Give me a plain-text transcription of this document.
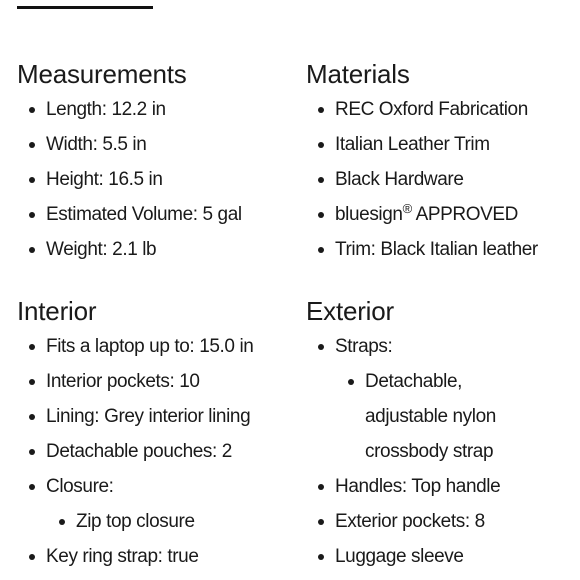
Measurements
Length: 12.2 in
Width: 5.5 in
Height: 16.5 in
Estimated Volume: 5 gal
Weight: 2.1 lb
Interior
Fits a laptop up to: 15.0 in
Interior pockets: 10
Lining: Grey interior lining
Detachable pouches: 2
Closure:
Zip top closure
Key ring strap: true
Materials
REC Oxford Fabrication
Italian Leather Trim
Black Hardware
bluesign® APPROVED
Trim: Black Italian leather
Exterior
Straps:
Detachable,
adjustable nylon
crossbody strap
Handles: Top handle
Exterior pockets: 8
Luggage sleeve
